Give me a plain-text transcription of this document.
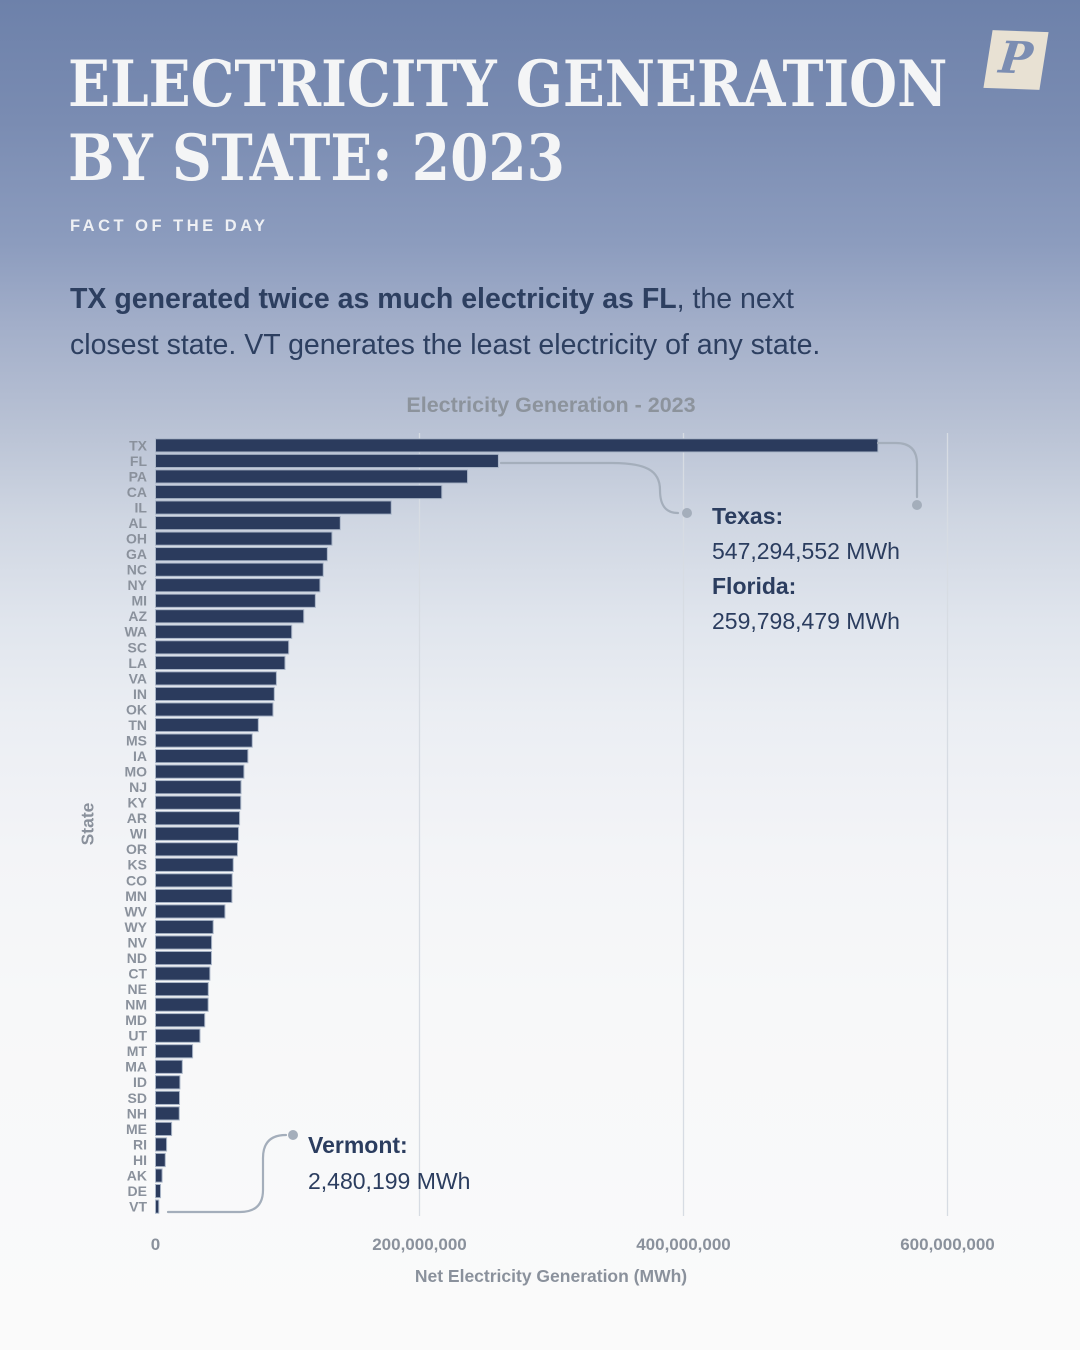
ELECTRICITY GENERATION
BY STATE: 2023
FACT OF THE DAY
P
TX generated twice as much electricity as FL, the next
closest state. VT generates the least electricity of any state.
Electricity Generation - 2023
State
Net Electricity Generation (MWh)
TX
FL
PA
CA
IL
AL
OH
GA
NC
NY
MI
AZ
WA
SC
LA
VA
IN
OK
TN
MS
IA
MO
NJ
KY
AR
WI
OR
KS
CO
MN
WV
WY
NV
ND
CT
NE
NM
MD
UT
MT
MA
ID
SD
NH
ME
RI
HI
AK
DE
VT
0	200,000,000	400,000,000	600,000,000
Texas:
547,294,552 MWh
Florida:
259,798,479 MWh
Vermont:
2,480,199 MWh
